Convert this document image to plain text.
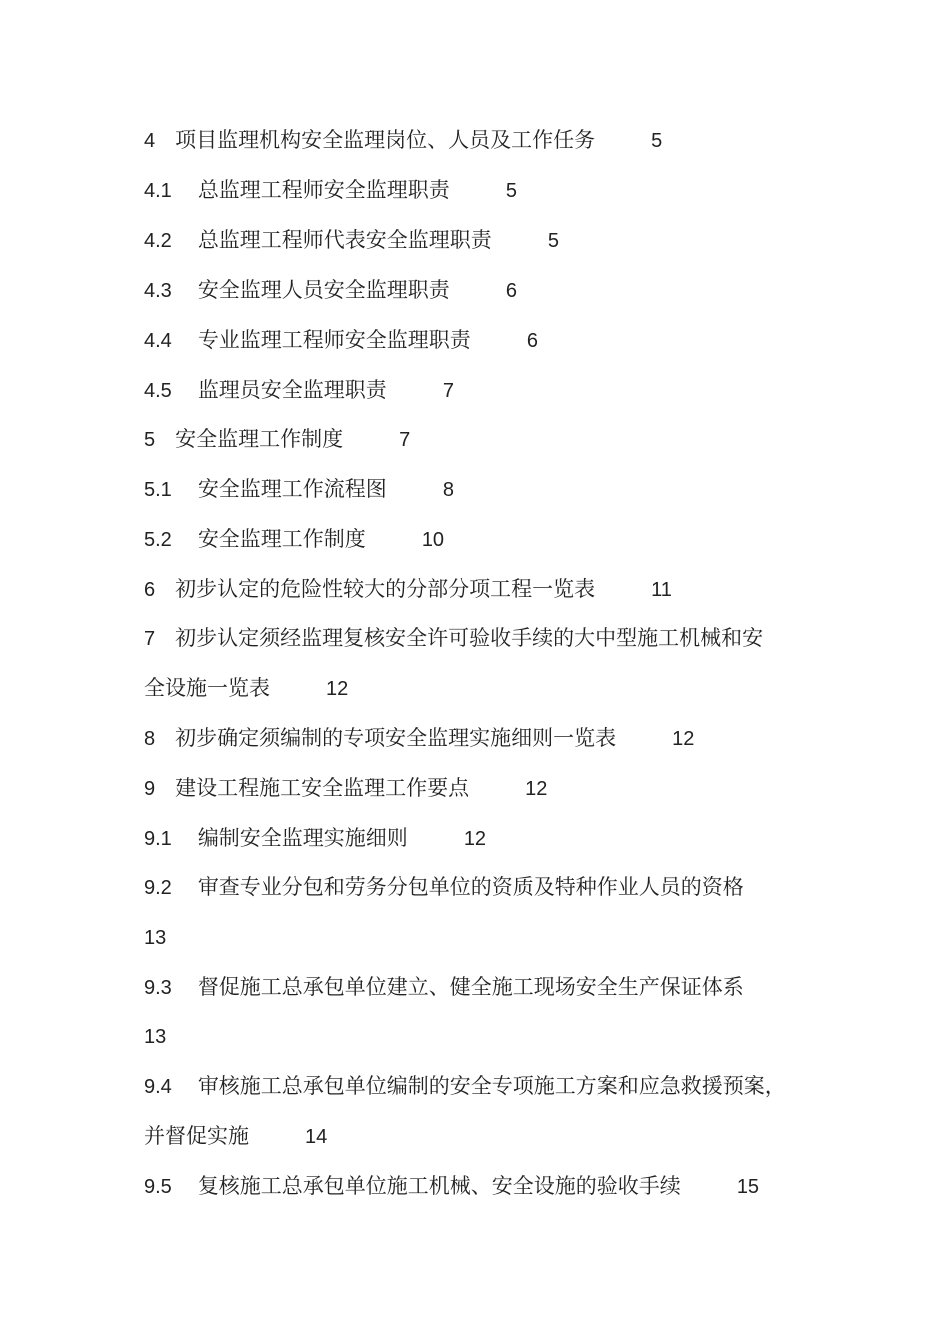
4 项目监理机构安全监理岗位、人员及工作任务	5
4.1 总监理工程师安全监理职责	5
4.2 总监理工程师代表安全监理职责	5
4.3 安全监理人员安全监理职责	6
4.4 专业监理工程师安全监理职责	6
4.5 监理员安全监理职责	7
5 安全监理工作制度	7
5.1 安全监理工作流程图	8
5.2 安全监理工作制度	10
6 初步认定的危险性较大的分部分项工程一览表	11
7 初步认定须经监理复核安全许可验收手续的大中型施工机械和安
全设施一览表	12
8 初步确定须编制的专项安全监理实施细则一览表	12
9 建设工程施工安全监理工作要点	12
9.1 编制安全监理实施细则	12
9.2 审查专业分包和劳务分包单位的资质及特种作业人员的资格
13
9.3 督促施工总承包单位建立、健全施工现场安全生产保证体系
13
9.4 审核施工总承包单位编制的安全专项施工方案和应急救援预案，
并督促实施	14
9.5 复核施工总承包单位施工机械、安全设施的验收手续	15
